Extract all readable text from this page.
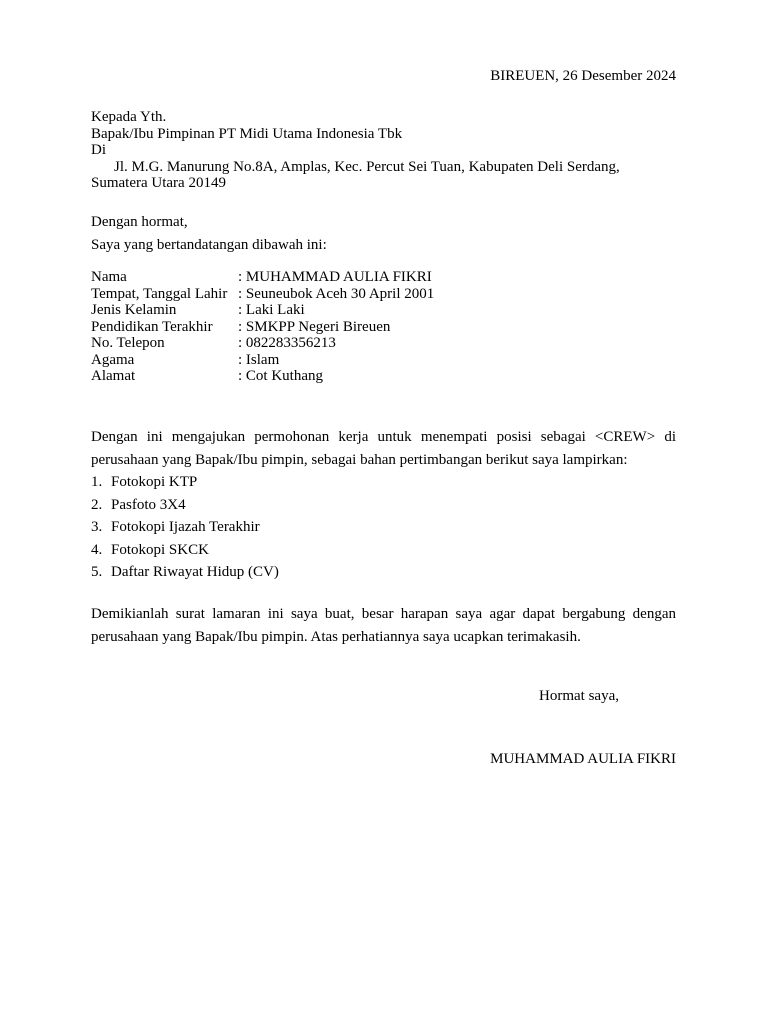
BIREUEN, 26 Desember 2024
Kepada Yth.
Bapak/Ibu Pimpinan PT Midi Utama Indonesia Tbk
Di
Jl. M.G. Manurung No.8A, Amplas, Kec. Percut Sei Tuan, Kabupaten Deli Serdang,
Sumatera Utara 20149
Dengan hormat,
Saya yang bertandatangan dibawah ini:
Nama	: MUHAMMAD AULIA FIKRI
Tempat, Tanggal Lahir : Seuneubok Aceh 30 April 2001
Jenis Kelamin	: Laki Laki
Pendidikan Terakhir	: SMKPP Negeri Bireuen
No. Telepon	: 082283356213
Agama	: Islam
Alamat	: Cot Kuthang
Dengan ini mengajukan permohonan kerja untuk menempati posisi sebagai <CREW> di perusahaan yang Bapak/Ibu pimpin, sebagai bahan pertimbangan berikut saya lampirkan:
1. Fotokopi KTP
2. Pasfoto 3X4
3. Fotokopi Ijazah Terakhir
4. Fotokopi SKCK
5. Daftar Riwayat Hidup (CV)
Demikianlah surat lamaran ini saya buat, besar harapan saya agar dapat bergabung dengan perusahaan yang Bapak/Ibu pimpin. Atas perhatiannya saya ucapkan terimakasih.
Hormat saya,
MUHAMMAD AULIA FIKRI
